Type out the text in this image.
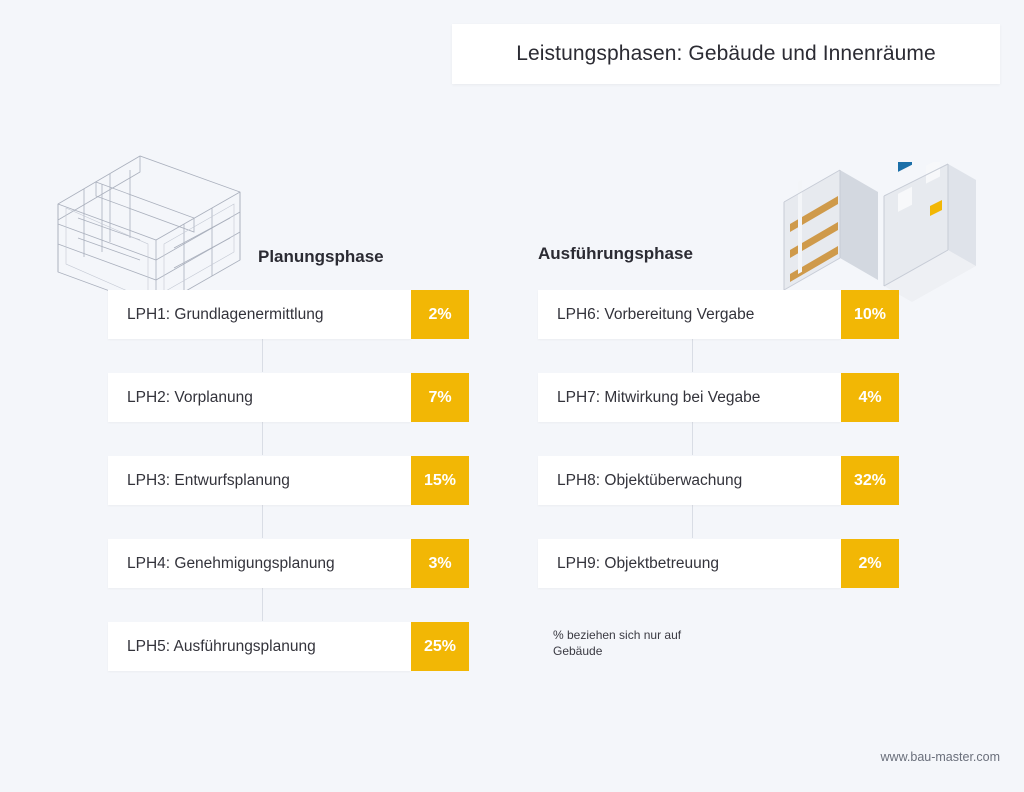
Leistungsphasen: Gebäude und Innenräume
Planungsphase	Ausführungsphase
LPH1: Grundlagenermittlung	2%
LPH2: Vorplanung	7%
LPH3: Entwurfsplanung	15%
LPH4: Genehmigungsplanung	3%
LPH5: Ausführungsplanung	25%
LPH6: Vorbereitung Vergabe	10%
LPH7: Mitwirkung bei Vegabe	4%
LPH8: Objektüberwachung	32%
LPH9: Objektbetreuung	2%
% beziehen sich nur auf
Gebäude
www.bau-master.com
